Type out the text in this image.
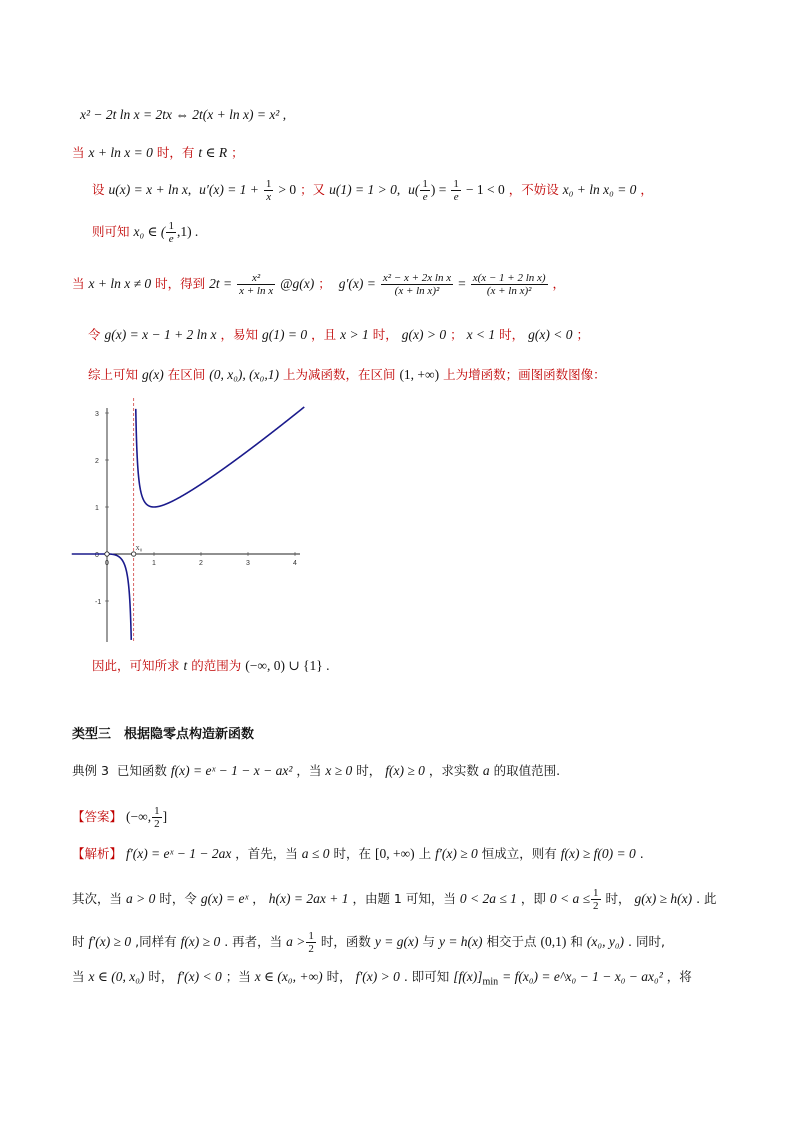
x² − 2t ln x = 2tx ⇔ 2t(x + ln x) = x² ,
当 x + ln x = 0 时，有 t ∈ R ；
设 u(x) = x + ln x, $u'(x) = 1 + \frac{1}{x} > 0$ ；又 u(1) = 1 > 0, $u( \frac{1}{e}$ ) = $\frac{1}{e} - 1 < 0$ ，不妨设 x₀ + ln x₀ = 0 ，
则可知 x₀ ∈ ( $\frac{1}{e} ,1$) .
当 x + ln x ≠ 0 时，得到 $2t = \frac{\text{x²}}{\text{x + ln x}}$ @g(x) ； $g'(x) = \frac{\text{x² − x + 2x ln x}}{\text{(x + ln x)²}} = \frac{\text{x(x − 1 + 2 ln x)}}{\text{(x + ln x)²}}$ ，
令 g(x) = x − 1 + 2 ln x ，易知 g(1) = 0 ，且 x > 1 时， g(x) > 0 ； x < 1 时， g(x) < 0 ；
综上可知 g(x) 在区间 (0, x₀), (x₀,1) 上为减函数，在区间 (1, +∞) 上为增函数；画图函数图像：
3
2
1
0
-1
0	1	2	3	4
x₀
因此，可知所求 t 的范围为 (−∞, 0) ∪ {1} .
类型三　根据隐零点构造新函数
典例 3 已知函数 f(x) = eˣ − 1 − x − ax² ，当 x ≥ 0 时， f(x) ≥ 0 ，求实数 a 的取值范围.
【答案】 (−∞, $\frac{1}{2}$ ]
【解析】 f′(x) = eˣ − 1 − 2ax ，首先，当 a ≤ 0 时，在 [0, +∞) 上 f′(x) ≥ 0 恒成立，则有 f(x) ≥ f(0) = 0 .
其次，当 a > 0 时，令 g(x) = eˣ ， h(x) = 2ax + 1 ，由题 1 可知，当 0 < 2a ≤ 1 ，即 $0 < a \le \frac{1}{2}$ 时， g(x) ≥ h(x) . 此
时 f′(x) ≥ 0 ,同样有 f(x) ≥ 0 . 再者，当 $a > \frac{1}{2}$ 时，函数 y = g(x) 与 y = h(x) 相交于点 (0,1) 和 (x₀, y₀) . 同时,
当 x ∈ (0, x₀) 时， f′(x) < 0 ；当 x ∈ (x₀, +∞) 时， f′(x) > 0 . 即可知 $[f(x)]_{min} = f(x_0)$ = e^x₀ − 1 − x₀ − ax₀² ，将
